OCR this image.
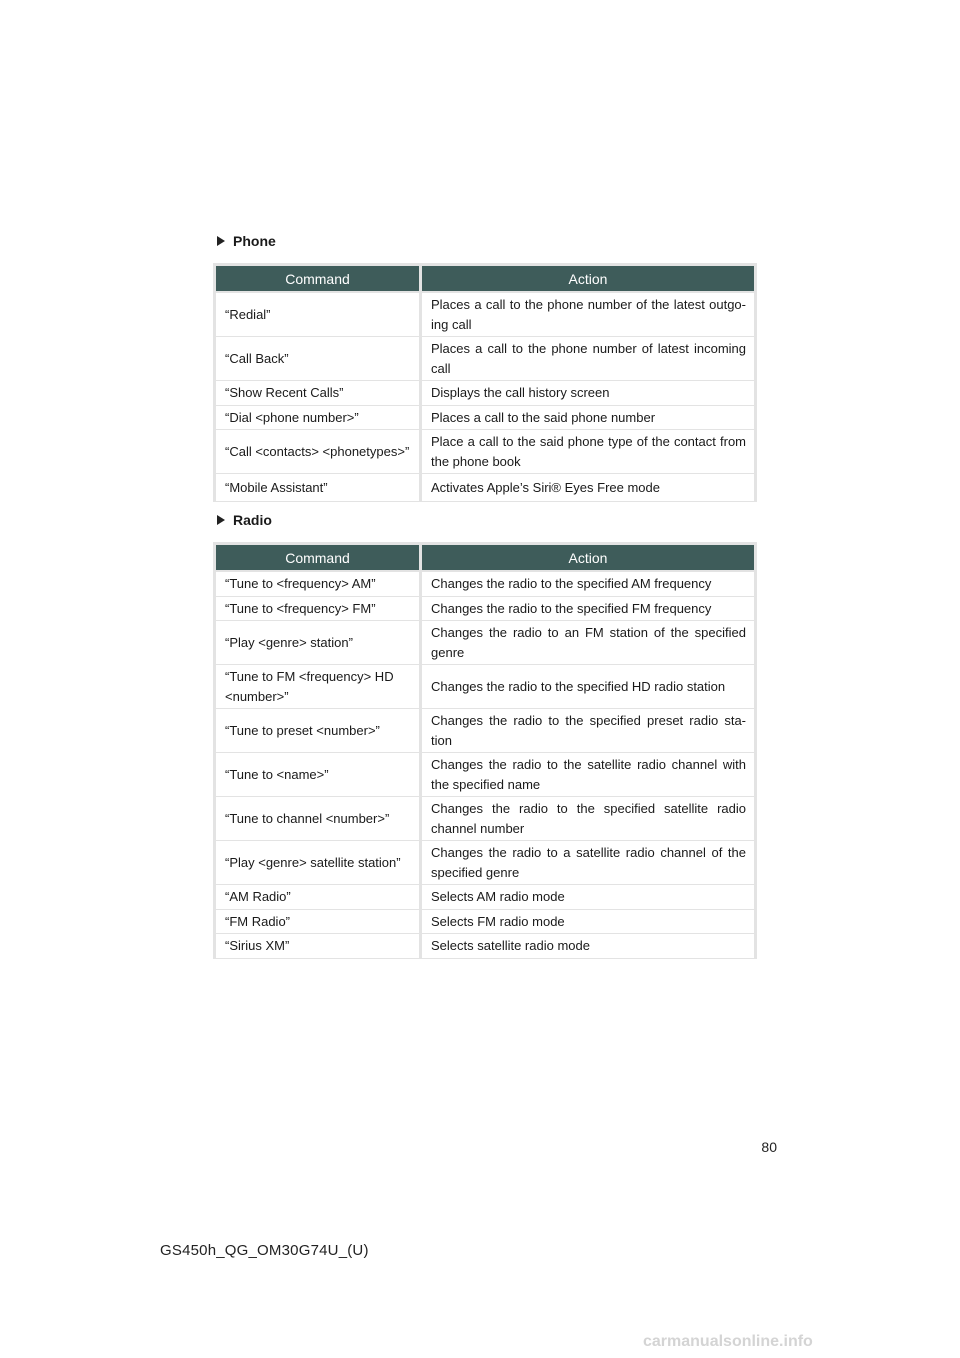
Phone
Command	Action
“Redial”	Places a call to the phone number of the latest outgo-ing call
“Call Back”	Places a call to the phone number of latest incoming call
“Show Recent Calls”	Displays the call history screen
“Dial <phone number>”	Places a call to the said phone number
“Call <contacts> <phonetypes>”	Place a call to the said phone type of the contact from the phone book
“Mobile Assistant”	Activates Apple’s Siri® Eyes Free mode
Radio
Command	Action
“Tune to <frequency> AM”	Changes the radio to the specified AM frequency
“Tune to <frequency> FM”	Changes the radio to the specified FM frequency
“Play <genre> station”	Changes the radio to an FM station of the specified genre
“Tune to FM <frequency> HD <number>”	Changes the radio to the specified HD radio station
“Tune to preset <number>”	Changes the radio to the specified preset radio sta-tion
“Tune to <name>”	Changes the radio to the satellite radio channel with the specified name
“Tune to channel <number>”	Changes the radio to the specified satellite radio channel number
“Play <genre> satellite station”	Changes the radio to a satellite radio channel of the specified genre
“AM Radio”	Selects AM radio mode
“FM Radio”	Selects FM radio mode
“Sirius XM”	Selects satellite radio mode
80
GS450h_QG_OM30G74U_(U)
carmanualsonline.info
